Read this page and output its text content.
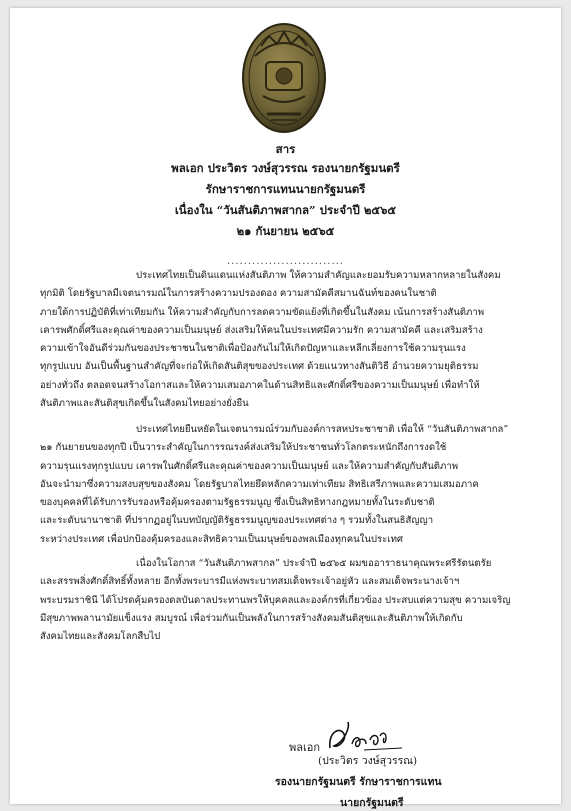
สาร
พลเอก ประวิตร วงษ์สุวรรณ รองนายกรัฐมนตรี
รักษาราชการแทนนายกรัฐมนตรี
เนื่องใน “วันสันติภาพสากล” ประจำปี ๒๕๖๕
๒๑ กันยายน ๒๕๖๕
............................
ประเทศไทยเป็นดินแดนแห่งสันติภาพ ให้ความสำคัญและยอมรับความหลากหลายในสังคม
ทุกมิติ โดยรัฐบาลมีเจตนารมณ์ในการสร้างความปรองดอง ความสามัคคีสมานฉันท์ของคนในชาติ
ภายใต้การปฏิบัติที่เท่าเทียมกัน ให้ความสำคัญกับการลดความขัดแย้งที่เกิดขึ้นในสังคม เน้นการสร้างสันติภาพ
เคารพศักดิ์ศรีและคุณค่าของความเป็นมนุษย์ ส่งเสริมให้คนในประเทศมีความรัก ความสามัคคี และเสริมสร้าง
ความเข้าใจอันดีร่วมกันของประชาชนในชาติเพื่อป้องกันไม่ให้เกิดปัญหาและหลีกเลี่ยงการใช้ความรุนแรง
ทุกรูปแบบ อันเป็นพื้นฐานสำคัญที่จะก่อให้เกิดสันติสุขของประเทศ ด้วยแนวทางสันติวิธี อำนวยความยุติธรรม
อย่างทั่วถึง ตลอดจนสร้างโอกาสและให้ความเสมอภาคในด้านสิทธิและศักดิ์ศรีของความเป็นมนุษย์ เพื่อทำให้
สันติภาพและสันติสุขเกิดขึ้นในสังคมไทยอย่างยั่งยืน
ประเทศไทยยืนหยัดในเจตนารมณ์ร่วมกับองค์การสหประชาชาติ เพื่อให้ “วันสันติภาพสากล”
๒๑ กันยายนของทุกปี เป็นวาระสำคัญในการรณรงค์ส่งเสริมให้ประชาชนทั่วโลกตระหนักถึงการงดใช้
ความรุนแรงทุกรูปแบบ เคารพในศักดิ์ศรีและคุณค่าของความเป็นมนุษย์ และให้ความสำคัญกับสันติภาพ
อันจะนำมาซึ่งความสงบสุขของสังคม โดยรัฐบาลไทยยึดหลักความเท่าเทียม สิทธิเสรีภาพและความเสมอภาค
ของบุคคลที่ได้รับการรับรองหรือคุ้มครองตามรัฐธรรมนูญ ซึ่งเป็นสิทธิทางกฎหมายทั้งในระดับชาติ
และระดับนานาชาติ ที่ปรากฏอยู่ในบทบัญญัติรัฐธรรมนูญของประเทศต่าง ๆ รวมทั้งในสนธิสัญญา
ระหว่างประเทศ เพื่อปกป้องคุ้มครองและสิทธิความเป็นมนุษย์ของพลเมืองทุกคนในประเทศ
เนื่องในโอกาส “วันสันติภาพสากล” ประจำปี ๒๕๖๕ ผมขออาราธนาคุณพระศรีรัตนตรัย
และสรรพสิ่งศักดิ์สิทธิ์ทั้งหลาย อีกทั้งพระบารมีแห่งพระบาทสมเด็จพระเจ้าอยู่หัว และสมเด็จพระนางเจ้าฯ
พระบรมราชินี ได้โปรดคุ้มครองดลบันดาลประทานพรให้บุคคลและองค์กรที่เกี่ยวข้อง ประสบแต่ความสุข ความเจริญ
มีสุขภาพพลานามัยแข็งแรง สมบูรณ์ เพื่อร่วมกันเป็นพลังในการสร้างสังคมสันติสุขและสันติภาพให้เกิดกับ
สังคมไทยและสังคมโลกสืบไป
พลเอก
(ประวิตร วงษ์สุวรรณ)
รองนายกรัฐมนตรี รักษาราชการแทน
นายกรัฐมนตรี
